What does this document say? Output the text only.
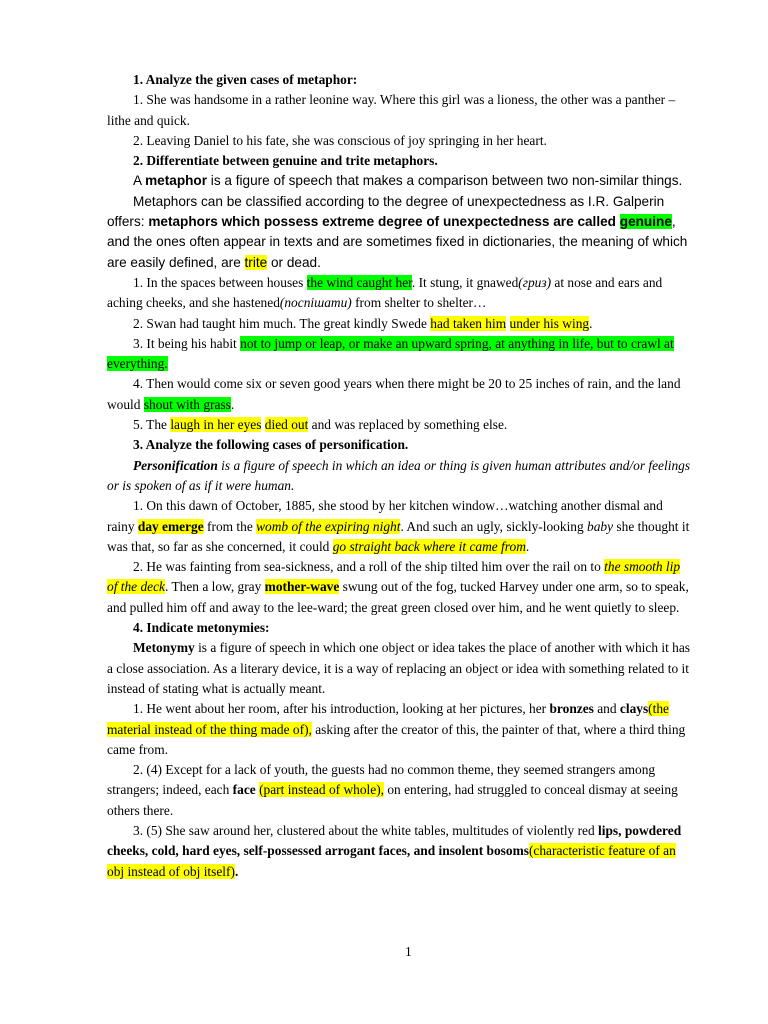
1. Analyze the given cases of metaphor:

1. She was handsome in a rather leonine way. Where this girl was a lioness, the other was a panther – lithe and quick.

2. Leaving Daniel to his fate, she was conscious of joy springing in her heart.

2. Differentiate between genuine and trite metaphors.

A metaphor is a figure of speech that makes a comparison between two non-similar things.

Metaphors can be classified according to the degree of unexpectedness as I.R. Galperin offers: metaphors which possess extreme degree of unexpectedness are called genuine, and the ones often appear in texts and are sometimes fixed in dictionaries, the meaning of which are easily defined, are trite or dead.

1. In the spaces between houses the wind caught her. It stung, it gnawed(гриз) at nose and ears and aching cheeks, and she hastened(поспішати) from shelter to shelter…

2. Swan had taught him much. The great kindly Swede had taken him under his wing.

3. It being his habit not to jump or leap, or make an upward spring, at anything in life, but to crawl at everything.

4. Then would come six or seven good years when there might be 20 to 25 inches of rain, and the land would shout with grass.

5. The laugh in her eyes died out and was replaced by something else.

3. Analyze the following cases of personification.

Personification is a figure of speech in which an idea or thing is given human attributes and/or feelings or is spoken of as if it were human.

1. On this dawn of October, 1885, she stood by her kitchen window…watching another dismal and rainy day emerge from the womb of the expiring night. And such an ugly, sickly-looking baby she thought it was that, so far as she concerned, it could go straight back where it came from.

2. He was fainting from sea-sickness, and a roll of the ship tilted him over the rail on to the smooth lip of the deck. Then a low, gray mother-wave swung out of the fog, tucked Harvey under one arm, so to speak, and pulled him off and away to the lee-ward; the great green closed over him, and he went quietly to sleep.

4. Indicate metonymies:

Metonymy is a figure of speech in which one object or idea takes the place of another with which it has a close association. As a literary device, it is a way of replacing an object or idea with something related to it instead of stating what is actually meant.

1. He went about her room, after his introduction, looking at her pictures, her bronzes and clays(the material instead of the thing made of), asking after the creator of this, the painter of that, where a third thing came from.

2. (4) Except for a lack of youth, the guests had no common theme, they seemed strangers among strangers; indeed, each face (part instead of whole), on entering, had struggled to conceal dismay at seeing others there.

3. (5) She saw around her, clustered about the white tables, multitudes of violently red lips, powdered cheeks, cold, hard eyes, self-possessed arrogant faces, and insolent bosoms(characteristic feature of an obj instead of obj itself).

1
